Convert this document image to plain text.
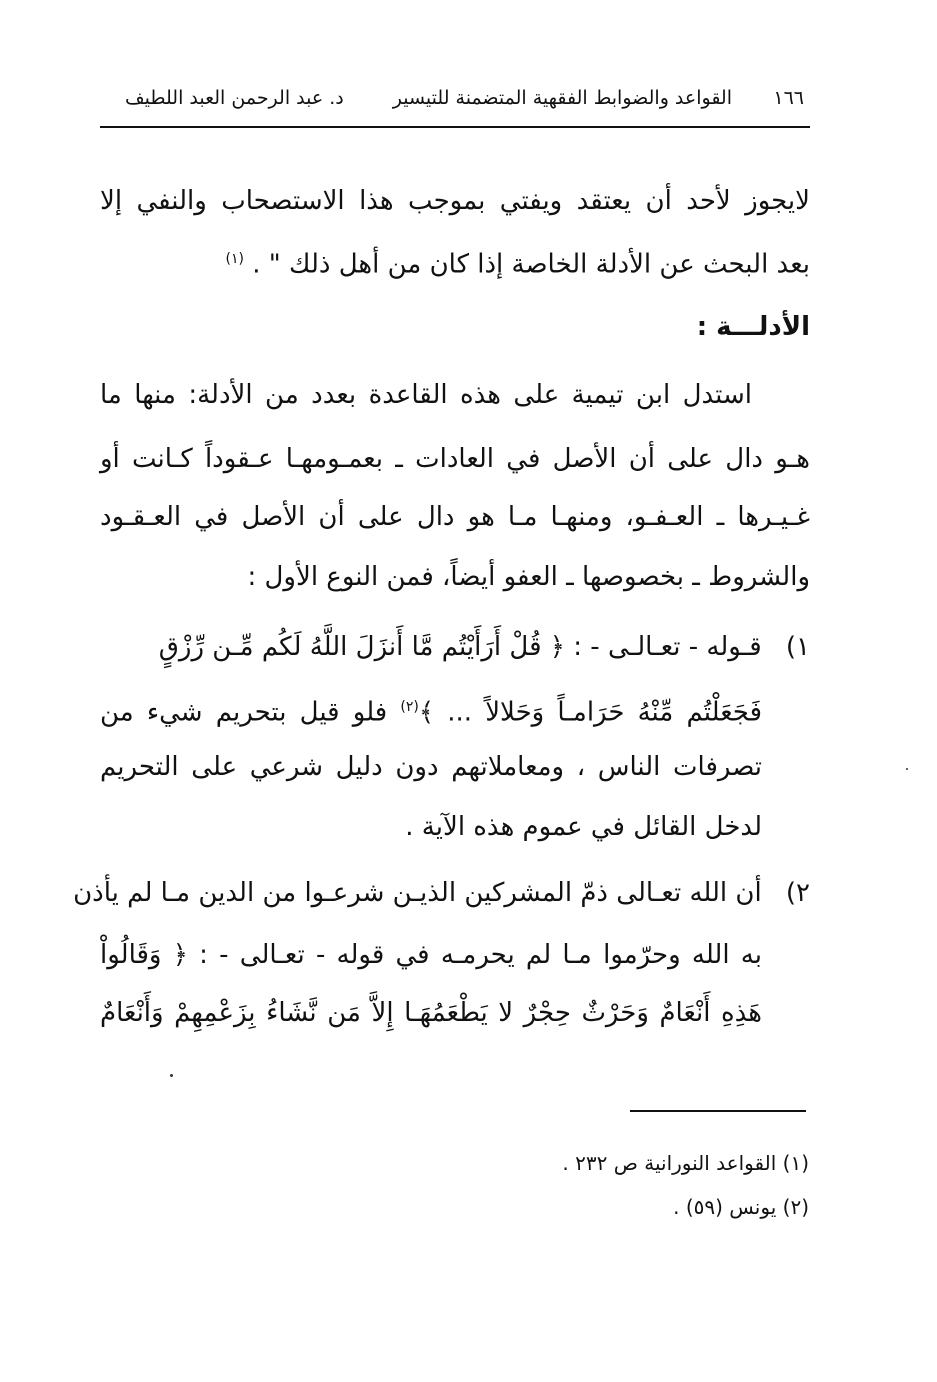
١٦٦
القواعد والضوابط الفقهية المتضمنة للتيسير
د. عبد الرحمن العبد اللطيف
لايجوز لأحد أن يعتقد ويفتي بموجب هذا الاستصحاب والنفي إلا
بعد البحث عن الأدلة الخاصة إذا كان من أهل ذلك " . $^{(١)}$
الأدلـــة :
استدل ابن تيمية على هذه القاعدة بعدد من الأدلة: منها ما
هـو دال على أن الأصل في العادات ـ بعمـومهـا عـقوداً كـانت أو
غـيـرها ـ العـفـو، ومنهـا مـا هو دال على أن الأصل في العـقـود
والشروط ـ بخصوصها ـ العفو أيضاً، فمن النوع الأول :
١) قـوله - تعـالـى - : ﴿ قُلْ أَرَأَيْتُم مَّا أَنزَلَ اللَّهُ لَكُم مِّـن رِّزْقٍ
فَجَعَلْتُم مِّنْهُ حَرَامـاً وَحَلالاً ... ﴾$^{(٢)}$ فلو قيل بتحريم شيء من
تصرفات الناس ، ومعاملاتهم دون دليل شرعي على التحريم
لدخل القائل في عموم هذه الآية .
٢) أن الله تعـالى ذمّ المشركين الذيـن شرعـوا من الدين مـا لم يأذن
به الله وحرّموا مـا لم يحرمـه في قوله - تعـالى - : ﴿ وَقَالُواْ
هَذِهِ أَنْعَامٌ وَحَرْثٌ حِجْرٌ لا يَطْعَمُهَـا إِلاَّ مَن نَّشَاءُ بِزَعْمِهِمْ وَأَنْعَامٌ
(١) القواعد النورانية ص ٢٣٢ .
(٢) يونس (٥٩) .
